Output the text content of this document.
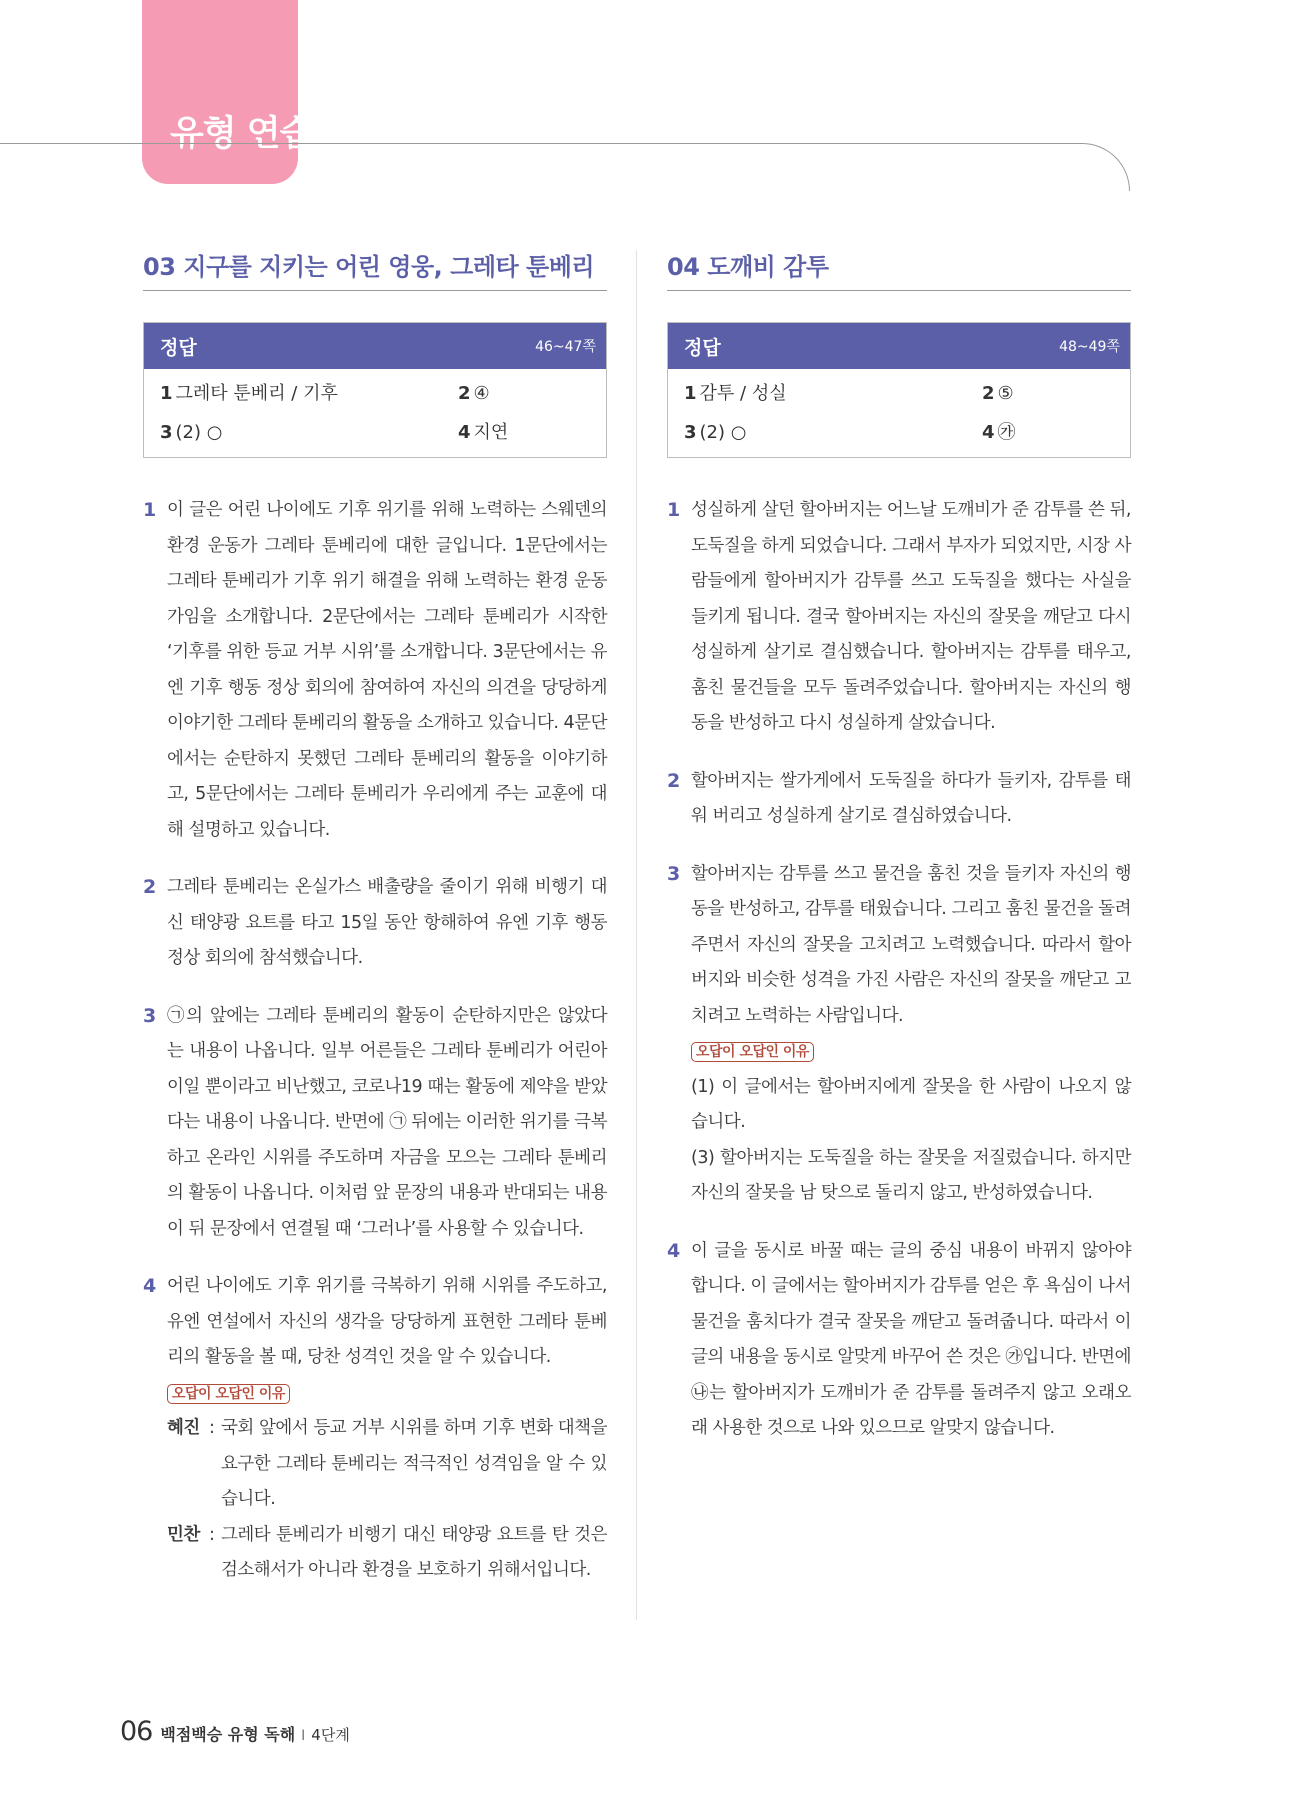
유형 연습
03 지구를 지키는 어린 영웅, 그레타 툰베리
정답	46~47쪽
1 그레타 툰베리 / 기후	2 ④
3 (2) ○	4 지연
1 이 글은 어린 나이에도 기후 위기를 위해 노력하는 스웨덴의 환경 운동가 그레타 툰베리에 대한 글입니다. 1문단에서는 그레타 툰베리가 기후 위기 해결을 위해 노력하는 환경 운동가임을 소개합니다. 2문단에서는 그레타 툰베리가 시작한 ‘기후를 위한 등교 거부 시위’를 소개합니다. 3문단에서는 유엔 기후 행동 정상 회의에 참여하여 자신의 의견을 당당하게 이야기한 그레타 툰베리의 활동을 소개하고 있습니다. 4문단에서는 순탄하지 못했던 그레타 툰베리의 활동을 이야기하고, 5문단에서는 그레타 툰베리가 우리에게 주는 교훈에 대해 설명하고 있습니다.
2 그레타 툰베리는 온실가스 배출량을 줄이기 위해 비행기 대신 태양광 요트를 타고 15일 동안 항해하여 유엔 기후 행동 정상 회의에 참석했습니다.
3 ㉠의 앞에는 그레타 툰베리의 활동이 순탄하지만은 않았다는 내용이 나옵니다. 일부 어른들은 그레타 툰베리가 어린아이일 뿐이라고 비난했고, 코로나19 때는 활동에 제약을 받았다는 내용이 나옵니다. 반면에 ㉠ 뒤에는 이러한 위기를 극복하고 온라인 시위를 주도하며 자금을 모으는 그레타 툰베리의 활동이 나옵니다. 이처럼 앞 문장의 내용과 반대되는 내용이 뒤 문장에서 연결될 때 ‘그러나’를 사용할 수 있습니다.
4 어린 나이에도 기후 위기를 극복하기 위해 시위를 주도하고, 유엔 연설에서 자신의 생각을 당당하게 표현한 그레타 툰베리의 활동을 볼 때, 당찬 성격인 것을 알 수 있습니다.
오답이 오답인 이유
혜진 : 국회 앞에서 등교 거부 시위를 하며 기후 변화 대책을 요구한 그레타 툰베리는 적극적인 성격임을 알 수 있습니다.
민찬 : 그레타 툰베리가 비행기 대신 태양광 요트를 탄 것은 검소해서가 아니라 환경을 보호하기 위해서입니다.
04 도깨비 감투
정답	48~49쪽
1 감투 / 성실	2 ⑤
3 (2) ○	4 ㉮
1 성실하게 살던 할아버지는 어느날 도깨비가 준 감투를 쓴 뒤, 도둑질을 하게 되었습니다. 그래서 부자가 되었지만, 시장 사람들에게 할아버지가 감투를 쓰고 도둑질을 했다는 사실을 들키게 됩니다. 결국 할아버지는 자신의 잘못을 깨닫고 다시 성실하게 살기로 결심했습니다. 할아버지는 감투를 태우고, 훔친 물건들을 모두 돌려주었습니다. 할아버지는 자신의 행동을 반성하고 다시 성실하게 살았습니다.
2 할아버지는 쌀가게에서 도둑질을 하다가 들키자, 감투를 태워 버리고 성실하게 살기로 결심하였습니다.
3 할아버지는 감투를 쓰고 물건을 훔친 것을 들키자 자신의 행동을 반성하고, 감투를 태웠습니다. 그리고 훔친 물건을 돌려주면서 자신의 잘못을 고치려고 노력했습니다. 따라서 할아버지와 비슷한 성격을 가진 사람은 자신의 잘못을 깨닫고 고치려고 노력하는 사람입니다.
오답이 오답인 이유
(1) 이 글에서는 할아버지에게 잘못을 한 사람이 나오지 않습니다.
(3) 할아버지는 도둑질을 하는 잘못을 저질렀습니다. 하지만 자신의 잘못을 남 탓으로 돌리지 않고, 반성하였습니다.
4 이 글을 동시로 바꿀 때는 글의 중심 내용이 바뀌지 않아야 합니다. 이 글에서는 할아버지가 감투를 얻은 후 욕심이 나서 물건을 훔치다가 결국 잘못을 깨닫고 돌려줍니다. 따라서 이 글의 내용을 동시로 알맞게 바꾸어 쓴 것은 ㉮입니다. 반면에 ㉯는 할아버지가 도깨비가 준 감투를 돌려주지 않고 오래오래 사용한 것으로 나와 있으므로 알맞지 않습니다.
06 백점백승 유형 독해 I 4단계
